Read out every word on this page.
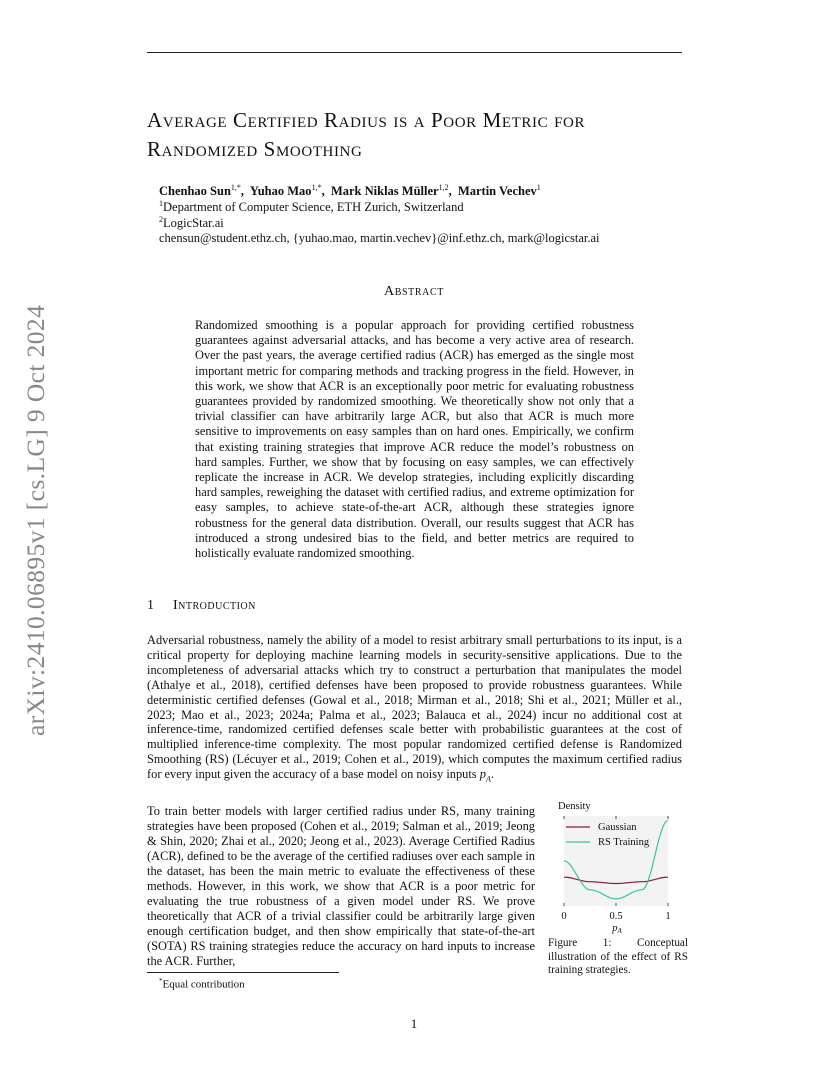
arXiv:2410.06895v1 [cs.LG] 9 Oct 2024
Average Certified Radius is a Poor Metric for
Randomized Smoothing
Chenhao Sun$^{1,*}$,  Yuhao Mao$^{1,*}$,  Mark Niklas Müller$^{1,2}$,  Martin Vechev$^1$
$^1$Department of Computer Science, ETH Zurich, Switzerland
$^2$LogicStar.ai
chensun@student.ethz.ch, {yuhao.mao, martin.vechev}@inf.ethz.ch, mark@logicstar.ai
Abstract
Randomized smoothing is a popular approach for providing certified robustness guarantees against adversarial attacks, and has become a very active area of research. Over the past years, the average certified radius (ACR) has emerged as the single most important metric for comparing methods and tracking progress in the field. However, in this work, we show that ACR is an exceptionally poor metric for evaluating robustness guarantees provided by randomized smoothing. We theoretically show not only that a trivial classifier can have arbitrarily large ACR, but also that ACR is much more sensitive to improvements on easy samples than on hard ones. Empirically, we confirm that existing training strategies that improve ACR reduce the model’s robustness on hard samples. Further, we show that by focusing on easy samples, we can effectively replicate the increase in ACR. We develop strategies, including explicitly discarding hard samples, reweighing the dataset with certified radius, and extreme optimization for easy samples, to achieve state-of-the-art ACR, although these strategies ignore robustness for the general data distribution. Overall, our results suggest that ACR has introduced a strong undesired bias to the field, and better metrics are required to holistically evaluate randomized smoothing.
1 Introduction
Adversarial robustness, namely the ability of a model to resist arbitrary small perturbations to its input, is a critical property for deploying machine learning models in security-sensitive applications. Due to the incompleteness of adversarial attacks which try to construct a perturbation that manipulates the model (Athalye et al., 2018), certified defenses have been proposed to provide robustness guarantees. While deterministic certified defenses (Gowal et al., 2018; Mirman et al., 2018; Shi et al., 2021; Müller et al., 2023; Mao et al., 2023; 2024a; Palma et al., 2023; Balauca et al., 2024) incur no additional cost at inference-time, randomized certified defenses scale better with probabilistic guarantees at the cost of multiplied inference-time complexity. The most popular randomized certified defense is Randomized Smoothing (RS) (Lécuyer et al., 2019; Cohen et al., 2019), which computes the maximum certified radius for every input given the accuracy of a base model on noisy inputs $p_A$.
To train better models with larger certified radius under RS, many training strategies have been proposed (Cohen et al., 2019; Salman et al., 2019; Jeong & Shin, 2020; Zhai et al., 2020; Jeong et al., 2023). Average Certified Radius (ACR), defined to be the average of the certified radiuses over each sample in the dataset, has been the main metric to evaluate the effectiveness of these methods. However, in this work, we show that ACR is a poor metric for evaluating the true robustness of a given model under RS. We prove theoretically that ACR of a trivial classifier could be arbitrarily large given enough certification budget, and then show empirically that state-of-the-art (SOTA) RS training strategies reduce the accuracy on hard inputs to increase the ACR. Further,
Density
Gaussian
RS Training
0	0.5	1
pA
Figure 1: Conceptual illustration of the effect of RS training strategies.
*Equal contribution
1
